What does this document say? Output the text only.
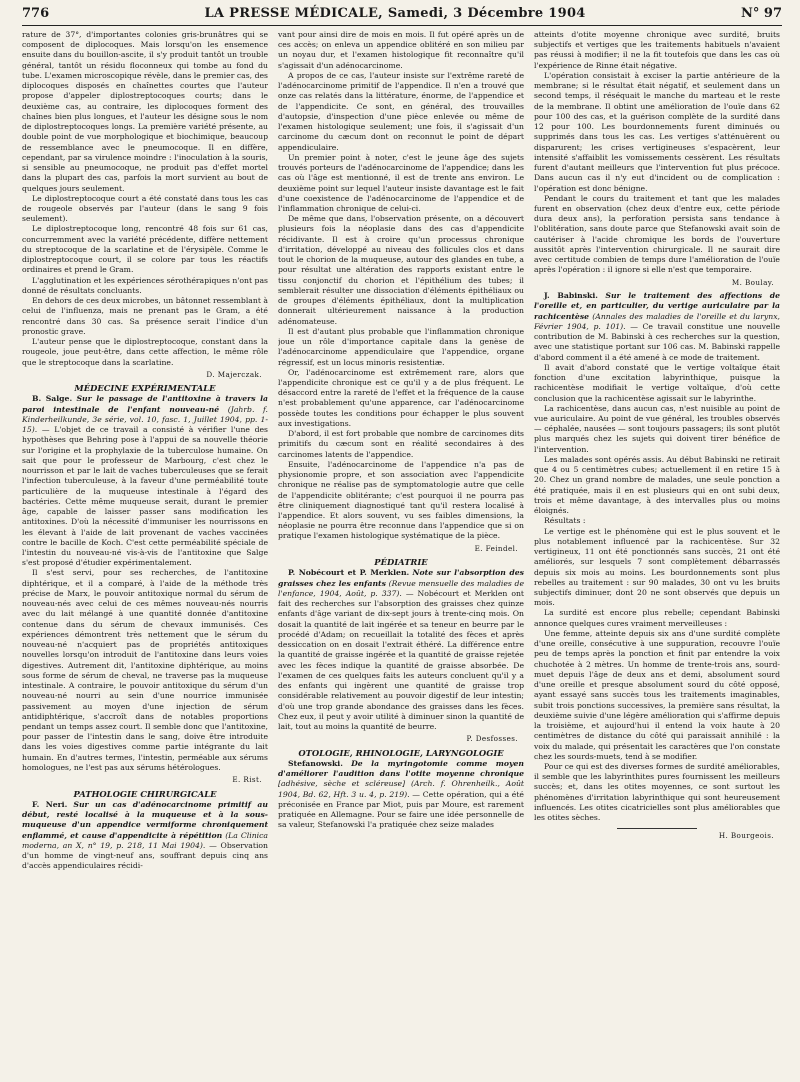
776	LA PRESSE MÉDICALE, Samedi, 3 Décembre 1904	N° 97

rature de 37°, d'importantes colonies gris-brunâtres qui se composent de diplocoques. Mais lorsqu'on les ensemence ensuite dans du bouillon-ascite, il s'y produit tantôt un trouble général, tantôt un résidu floconneux qui tombe au fond du tube. L'examen microscopique révèle, dans le premier cas, des diplocoques disposés en chaînettes courtes que l'auteur propose d'appeler diplostreptocoques courts; dans le deuxième cas, au contraire, les diplocoques forment des chaînes bien plus longues, et l'auteur les désigne sous le nom de diplostreptocoques longs. La première variété présente, au double point de vue morphologique et biochimique, beaucoup de ressemblance avec le pneumocoque. Il en diffère, cependant, par sa virulence moindre : l'inoculation à la souris, si sensible au pneumocoque, ne produit pas d'effet mortel dans la plupart des cas, parfois la mort survient au bout de quelques jours seulement.

Le diplostreptocoque court a été constaté dans tous les cas de rougeole observés par l'auteur (dans le sang 9 fois seulement).

Le diplostreptocoque long, rencontré 48 fois sur 61 cas, concurremment avec la variété précédente, diffère nettement du streptocoque de la scarlatine et de l'érysipèle. Comme le diplostreptocoque court, il se colore par tous les réactifs ordinaires et prend le Gram.

L'agglutination et les expériences sérothérapiques n'ont pas donné de résultats concluants.

En dehors de ces deux microbes, un bâtonnet ressemblant à celui de l'influenza, mais ne prenant pas le Gram, a été rencontré dans 30 cas. Sa présence serait l'indice d'un pronostic grave.

L'auteur pense que le diplostreptocoque, constant dans la rougeole, joue peut-être, dans cette affection, le même rôle que le streptocoque dans la scarlatine.

D. Majerczak.

MÉDECINE EXPÉRIMENTALE

B. Salge. Sur le passage de l'antitoxine à travers la paroi intestinale de l'enfant nouveau-né (Jahrb. f. Kinderheilkunde, 3e série, vol. 10, fasc. 1, Juillet 1904, pp. 1-15). — L'objet de ce travail a consisté à vérifier l'une des hypothèses que Behring pose à l'appui de sa nouvelle théorie sur l'origine et la prophylaxie de la tuberculose humaine. On sait que pour le professeur de Marbourg, c'est chez le nourrisson et par le lait de vaches tuberculeuses que se ferait l'infection tuberculeuse, à la faveur d'une perméabilité toute particulière de la muqueuse intestinale à l'égard des bactéries. Cette même muqueuse serait, durant le premier âge, capable de laisser passer sans modification les antitoxines. D'où la nécessité d'immuniser les nourrissons en les élevant à l'aide de lait provenant de vaches vaccinées contre le bacille de Koch. C'est cette perméabilité spéciale de l'intestin du nouveau-né vis-à-vis de l'antitoxine que Salge s'est proposé d'étudier expérimentalement.

Il s'est servi, pour ses recherches, de l'antitoxine diphtérique, et il a comparé, à l'aide de la méthode très précise de Marx, le pouvoir antitoxique normal du sérum de nouveau-nés avec celui de ces mêmes nouveau-nés nourris avec du lait mélangé à une quantité donnée d'antitoxine contenue dans du sérum de chevaux immunisés. Ces expériences démontrent très nettement que le sérum du nouveau-né n'acquiert pas de propriétés antitoxiques nouvelles lorsqu'on introduit de l'antitoxine dans leurs voies digestives. Autrement dit, l'antitoxine diphtérique, au moins sous forme de sérum de cheval, ne traverse pas la muqueuse intestinale. A contraire, le pouvoir antitoxique du sérum d'un nouveau-né nourri au sein d'une nourrice immunisée passivement au moyen d'une injection de sérum antidiphtérique, s'accroît dans de notables proportions pendant un temps assez court. Il semble donc que l'antitoxine, pour passer de l'intestin dans le sang, doive être introduite dans les voies digestives comme partie intégrante du lait humain. En d'autres termes, l'intestin, perméable aux sérums homologues, ne l'est pas aux sérums hétérologues.

E. Rist.

PATHOLOGIE CHIRURGICALE

F. Neri. Sur un cas d'adénocarcinome primitif au début, resté localisé à la muqueuse et à la sous-muqueuse d'un appendice vermiforme chroniquement enflammé, et cause d'appendicite à répétition (La Clinica moderna, an X, n° 19, p. 218, 11 Mai 1904). — Observation d'un homme de vingt-neuf ans, souffrant depuis cinq ans d'accès appendiculaires récidi-

vant pour ainsi dire de mois en mois. Il fut opéré après un de ces accès; on enleva un appendice oblitéré en son milieu par un noyau dur, et l'examen histologique fit reconnaître qu'il s'agissait d'un adénocarcinome.

A propos de ce cas, l'auteur insiste sur l'extrême rareté de l'adénocarcinome primitif de l'appendice. Il n'en a trouvé que onze cas relatés dans la littérature, énorme, de l'appendice et de l'appendicite. Ce sont, en général, des trouvailles d'autopsie, d'inspection d'une pièce enlevée ou même de l'examen histologique seulement; une fois, il s'agissait d'un carcinome du cæcum dont on reconnut le point de départ appendiculaire.

Un premier point à noter, c'est le jeune âge des sujets trouvés porteurs de l'adénocarcinome de l'appendice; dans les cas où l'âge est mentionné, il est de trente ans environ. Le deuxième point sur lequel l'auteur insiste davantage est le fait d'une coexistence de l'adénocarcinome de l'appendice et de l'inflammation chronique de celui-ci.

De même que dans, l'observation présente, on a découvert plusieurs fois la néoplasie dans des cas d'appendicite récidivante. Il est à croire qu'un processus chronique d'irritation, développé au niveau des follicules clos et dans tout le chorion de la muqueuse, autour des glandes en tube, a pour résultat une altération des rapports existant entre le tissu conjonctif du chorion et l'épithélium des tubes; il semblerait résulter une dissociation d'éléments épithéliaux ou de groupes d'éléments épithéliaux, dont la multiplication donnerait ultérieurement naissance à la production adénomateuse.

Il est d'autant plus probable que l'inflammation chronique joue un rôle d'importance capitale dans la genèse de l'adénocarcinome appendiculaire que l'appendice, organe régressif, est un locus minoris resistentiæ.

Or, l'adénocarcinome est extrêmement rare, alors que l'appendicite chronique est ce qu'il y a de plus fréquent. Le désaccord entre la rareté de l'effet et la fréquence de la cause n'est probablement qu'une apparence, car l'adénocarcinome possède toutes les conditions pour échapper le plus souvent aux investigations.

D'abord, il est fort probable que nombre de carcinomes dits primitifs du cæcum sont en réalité secondaires à des carcinomes latents de l'appendice.

Ensuite, l'adénocarcinome de l'appendice n'a pas de physionomie propre, et son association avec l'appendicite chronique ne réalise pas de symptomatologie autre que celle de l'appendicite oblitérante; c'est pourquoi il ne pourra pas être cliniquement diagnostiqué tant qu'il restera localisé à l'appendice. Et alors souvent, vu ses faibles dimensions, la néoplasie ne pourra être reconnue dans l'appendice que si on pratique l'examen histologique systématique de la pièce.

E. Feindel.

PÉDIATRIE

P. Nobécourt et P. Merklen. Note sur l'absorption des graisses chez les enfants (Revue mensuelle des maladies de l'enfance, 1904, Août, p. 337). — Nobécourt et Merklen ont fait des recherches sur l'absorption des graisses chez quinze enfants d'âge variant de dix-sept jours à trente-cinq mois. On dosait la quantité de lait ingérée et sa teneur en beurre par le procédé d'Adam; on recueillait la totalité des fèces et après dessiccation on en dosait l'extrait éthéré. La différence entre la quantité de graisse ingérée et la quantité de graisse rejetée avec les fèces indique la quantité de graisse absorbée. De l'examen de ces quelques faits les auteurs concluent qu'il y a des enfants qui ingèrent une quantité de graisse trop considérable relativement au pouvoir digestif de leur intestin; d'où une trop grande abondance des graisses dans les fèces. Chez eux, il peut y avoir utilité à diminuer sinon la quantité de lait, tout au moins la quantité de beurre.

P. Desfosses.

OTOLOGIE, RHINOLOGIE, LARYNGOLOGIE

Stefanowski. De la myringotomie comme moyen d'améliorer l'audition dans l'otite moyenne chronique [adhésive, sèche et scléreuse] (Arch. f. Ohrenheilk., Août 1904, Bd. 62, Hft. 3 u. 4, p. 219). — Cette opération, qui a été préconisée en France par Miot, puis par Moure, est rarement pratiquée en Allemagne. Pour se faire une idée personnelle de sa valeur, Stefanowski l'a pratiquée chez seize malades

atteints d'otite moyenne chronique avec surdité, bruits subjectifs et vertiges que les traitements habituels n'avaient pas réussi à modifier; il ne la fit toutefois que dans les cas où l'expérience de Rinne était négative.

L'opération consistait à exciser la partie antérieure de la membrane; si le résultat était négatif, et seulement dans un second temps, il réséquait le manche du marteau et le reste de la membrane. Il obtint une amélioration de l'ouïe dans 62 pour 100 des cas, et la guérison complète de la surdité dans 12 pour 100. Les bourdonnements furent diminués ou supprimés dans tous les cas. Les vertiges s'atténuèrent ou disparurent; les crises vertigineuses s'espacèrent, leur intensité s'affaiblit les vomissements cessèrent. Les résultats furent d'autant meilleurs que l'intervention fut plus précoce. Dans aucun cas il n'y eut d'incident ou de complication : l'opération est donc bénigne.

Pendant le cours du traitement et tant que les malades furent en observation (chez deux d'entre eux, cette période dura deux ans), la perforation persista sans tendance à l'oblitération, sans doute parce que Stefanowski avait soin de cautériser à l'acide chromique les bords de l'ouverture aussitôt après l'intervention chirurgicale. Il ne saurait dire avec certitude combien de temps dure l'amélioration de l'ouïe après l'opération : il ignore si elle n'est que temporaire.

M. Boulay.

J. Babinski. Sur le traitement des affections de l'oreille et, en particulier, du vertige auriculaire par la rachicentèse (Annales des maladies de l'oreille et du larynx, Février 1904, p. 101). — Ce travail constitue une nouvelle contribution de M. Babinski à ces recherches sur la question, avec une statistique portant sur 106 cas. M. Babinski rappelle d'abord comment il a été amené à ce mode de traitement.

Il avait d'abord constaté que le vertige voltaïque était fonction d'une excitation labyrinthique, puisque la rachicentèse modifiait le vertige voltaïque, d'où cette conclusion que la rachicentèse agissait sur le labyrinthe.

La rachicentèse, dans aucun cas, n'est nuisible au point de vue auriculaire. Au point de vue général, les troubles observés — céphalée, nausées — sont toujours passagers; ils sont plutôt plus marqués chez les sujets qui doivent tirer bénéfice de l'intervention.

Les malades sont opérés assis. Au début Babinski ne retirait que 4 ou 5 centimètres cubes; actuellement il en retire 15 à 20. Chez un grand nombre de malades, une seule ponction a été pratiquée, mais il en est plusieurs qui en ont subi deux, trois et même davantage, à des intervalles plus ou moins éloignés.

Résultats :

Le vertige est le phénomène qui est le plus souvent et le plus notablement influencé par la rachicentèse. Sur 32 vertigineux, 11 ont été ponctionnés sans succès, 21 ont été améliorés, sur lesquels 7 sont complètement débarrassés depuis six mois au moins. Les bourdonnements sont plus rebelles au traitement : sur 90 malades, 30 ont vu les bruits subjectifs diminuer, dont 20 ne sont observés que depuis un mois.

La surdité est encore plus rebelle; cependant Babinski annonce quelques cures vraiment merveilleuses :

Une femme, atteinte depuis six ans d'une surdité complète d'une oreille, consécutive à une suppuration, recouvre l'ouïe peu de temps après la ponction et finit par entendre la voix chuchotée à 2 mètres. Un homme de trente-trois ans, sourd-muet depuis l'âge de deux ans et demi, absolument sourd d'une oreille et presque absolument sourd du côté opposé, ayant essayé sans succès tous les traitements imaginables, subit trois ponctions successives, la première sans résultat, la deuxième suivie d'une légère amélioration qui s'affirme depuis la troisième, et aujourd'hui il entend la voix haute à 20 centimètres de distance du côté qui paraissait annihilé : la voix du malade, qui présentait les caractères que l'on constate chez les sourds-muets, tend à se modifier.

Pour ce qui est des diverses formes de surdité améliorables, il semble que les labyrinthites pures fournissent les meilleurs succès; et, dans les otites moyennes, ce sont surtout les phénomènes d'irritation labyrinthique qui sont heureusement influencés. Les otites cicatricielles sont plus améliorables que les otites sèches.

H. Bourgeois.
